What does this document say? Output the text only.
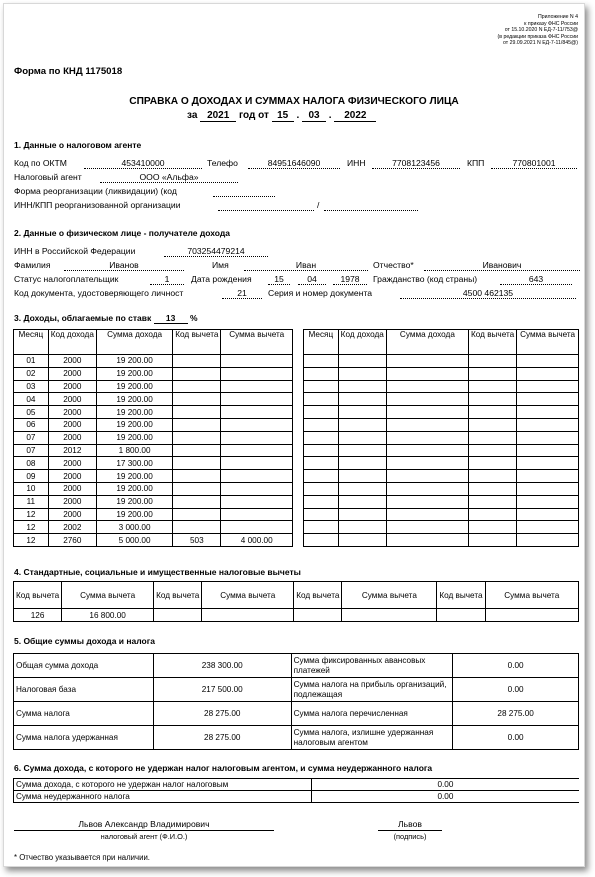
Приложение N 4
к приказу ФНС России
от 15.10.2020 N ЕД-7-11/753@
(в редакции приказа ФНС России
от 29.09.2021 N ЕД-7-11/845@)
Форма по КНД 1175018
СПРАВКА О ДОХОДАХ И СУММАХ НАЛОГА ФИЗИЧЕСКОГО ЛИЦА
за 2021 год от 15 . 03 . 2022
1. Данные о налоговом агенте
Код по ОКТМ	453410000	Телефо	84951646090	ИНН	7708123456	КПП	770801001
Налоговый агент	ООО «Альфа»
Форма реорганизации (ликвидации) (код
ИНН/КПП реорганизованной организации	/
2. Данные о физическом лице - получателе дохода
ИНН в Российской Федерации	703254479214
Фамилия	Иванов	Имя	Иван	Отчество*	Иванович
Статус налогоплательщик	1	Дата рождения	15	04	1978	Гражданство (код страны)	643
Код документа, удостоверяющего личност	21	Серия и номер документа	4500 462135
3. Доходы, облагаемые по ставк 13 %
Месяц	Код дохода	Сумма дохода	Код вычета	Сумма вычета
01	2000	19 200.00		
02	2000	19 200.00		
03	2000	19 200.00		
04	2000	19 200.00		
05	2000	19 200.00		
06	2000	19 200.00		
07	2000	19 200.00		
07	2012	1 800.00		
08	2000	17 300.00		
09	2000	19 200.00		
10	2000	19 200.00		
11	2000	19 200.00		
12	2000	19 200.00		
12	2002	3 000.00		
12	2760	5 000.00	503	4 000.00
Месяц	Код дохода	Сумма дохода	Код вычета	Сумма вычета

4. Стандартные, социальные и имущественные налоговые вычеты
Код вычета	Сумма вычета	Код вычета	Сумма вычета	Код вычета	Сумма вычета	Код вычета	Сумма вычета
126	16 800.00						
5. Общие суммы дохода и налога
Общая сумма дохода	238 300.00	Сумма фиксированных авансовых платежей	0.00
Налоговая база	217 500.00	Сумма налога на прибыль организаций, подлежащая	0.00
Сумма налога	28 275.00	Сумма налога перечисленная	28 275.00
Сумма налога удержанная	28 275.00	Сумма налога, излишне удержанная налоговым агентом	0.00
6. Сумма дохода, с которого не удержан налог налоговым агентом, и сумма неудержанного налога
Сумма дохода, с которого не удержан налог налоговым	0.00
Сумма неудержанного налога	0.00
Львов Александр Владимирович
налоговый агент (Ф.И.О.)
Львов
(подпись)
* Отчество указывается при наличии.
